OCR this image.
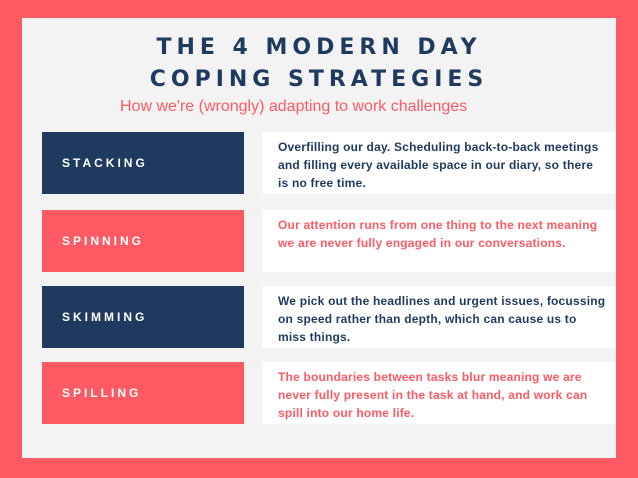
THE 4 MODERN DAY
COPING STRATEGIES

How we're (wrongly) adapting to work challenges

STACKING
Overfilling our day. Scheduling back-to-back meetings and filling every available space in our diary, so there is no free time.
SPINNING
Our attention runs from one thing to the next meaning we are never fully engaged in our conversations.
SKIMMING
We pick out the headlines and urgent issues, focussing on speed rather than depth, which can cause us to miss things.
SPILLING
The boundaries between tasks blur meaning we are never fully present in the task at hand, and work can spill into our home life.
